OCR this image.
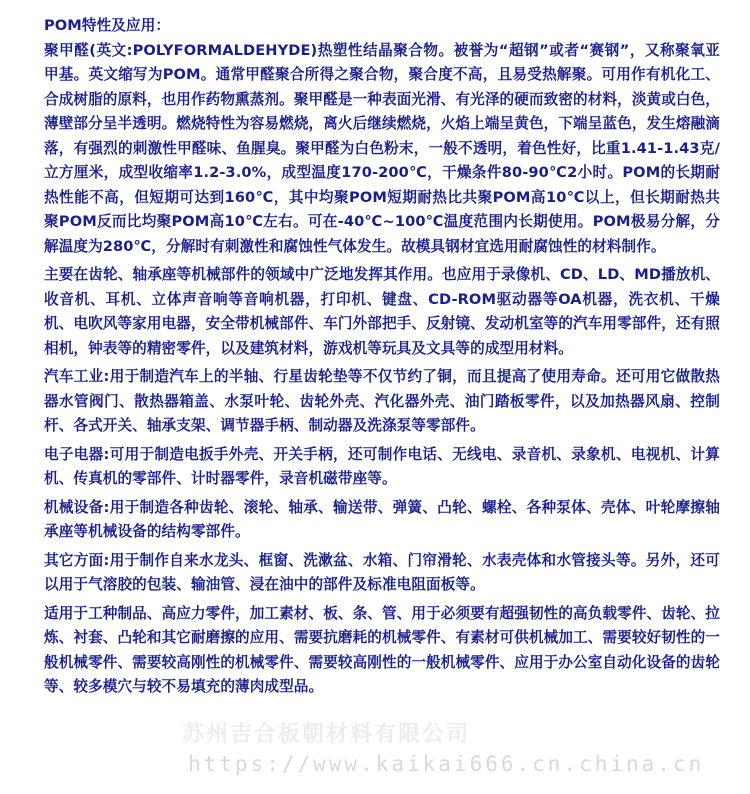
POM特性及应用：

聚甲醛(英文:POLYFORMALDEHYDE)热塑性结晶聚合物。被誉为“超钢”或者“赛钢”，又称聚氧亚甲基。英文缩写为POM。通常甲醛聚合所得之聚合物，聚合度不高，且易受热解聚。可用作有机化工、合成树脂的原料，也用作药物熏蒸剂。聚甲醛是一种表面光滑、有光泽的硬而致密的材料，淡黄或白色，薄壁部分呈半透明。燃烧特性为容易燃烧，离火后继续燃烧，火焰上端呈黄色，下端呈蓝色，发生熔融滴落，有强烈的刺激性甲醛味、鱼腥臭。聚甲醛为白色粉末，一般不透明，着色性好，比重1.41-1.43克/立方厘米，成型收缩率1.2-3.0%，成型温度170-200℃，干燥条件80-90℃2小时。POM的长期耐热性能不高，但短期可达到160℃，其中均聚POM短期耐热比共聚POM高10℃以上，但长期耐热共聚POM反而比均聚POM高10℃左右。可在-40℃~100℃温度范围内长期使用。POM极易分解，分解温度为280℃，分解时有刺激性和腐蚀性气体发生。故模具钢材宜选用耐腐蚀性的材料制作。

主要在齿轮、轴承座等机械部件的领域中广泛地发挥其作用。也应用于录像机、CD、LD、MD播放机、收音机、耳机、立体声音响等音响机器，打印机、键盘、CD-ROM驱动器等OA机器，洗衣机、干燥机、电吹风等家用电器，安全带机械部件、车门外部把手、反射镜、发动机室等的汽车用零部件，还有照相机，钟表等的精密零件，以及建筑材料，游戏机等玩具及文具等的成型用材料。

汽车工业:用于制造汽车上的半轴、行星齿轮垫等不仅节约了铜，而且提高了使用寿命。还可用它做散热器水管阀门、散热器箱盖、水泵叶轮、齿轮外壳、汽化器外壳、油门踏板零件，以及加热器风扇、控制杆、各式开关、轴承支架、调节器手柄、制动器及洗涤泵等零部件。

电子电器:可用于制造电扳手外壳、开关手柄，还可制作电话、无线电、录音机、录象机、电视机、计算机、传真机的零部件、计时器零件，录音机磁带座等。

机械设备:用于制造各种齿轮、滚轮、轴承、输送带、弹簧、凸轮、螺栓、各种泵体、壳体、叶轮摩擦轴承座等机械设备的结构零部件。

其它方面:用于制作自来水龙头、框窗、洗漱盆、水箱、门帘滑轮、水表壳体和水管接头等。另外，还可以用于气溶胶的包装、输油管、浸在油中的部件及标准电阻面板等。

适用于工种制品、高应力零件，加工素材、板、条、管、用于必须要有超强韧性的高负载零件、齿轮、拉炼、衬套、凸轮和其它耐磨擦的应用、需要抗磨耗的机械零件、有素材可供机械加工、需要较好韧性的一般机械零件、需要较高刚性的机械零件、需要较高刚性的一般机械零件、应用于办公室自动化设备的齿轮等、较多模穴与较不易填充的薄肉成型品。

苏州吉合板朝材料有限公司
https://www.kaikai666.cn.china.cn
